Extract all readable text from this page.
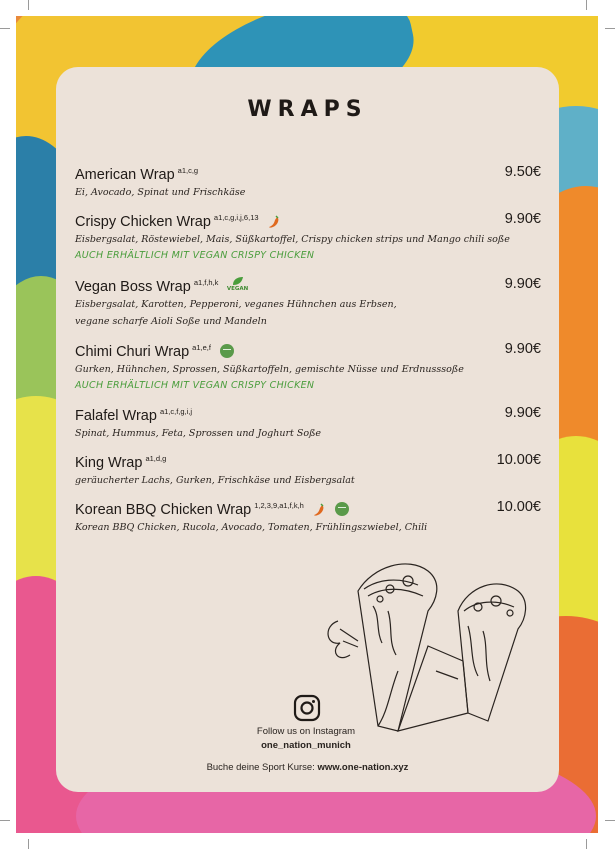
WRAPS
American Wrap $^{a1,c,g}$	9.50€
Ei, Avocado, Spinat und Frischkäse
Crispy Chicken Wrap $^{a1,c,g,i,j,6,13}$	9.90€
Eisbergsalat, Röstewiebel, Mais, Süßkartoffel, Crispy chicken strips und Mango chili soße
AUCH ERHÄLTLICH MIT VEGAN CRISPY CHICKEN
Vegan Boss Wrap $^{a1,f,h,k}$
VEGAN	9.90€
Eisbergsalat, Karotten, Pepperoni, veganes Hühnchen aus Erbsen,
vegane scharfe Aioli Soße und Mandeln
Chimi Churi Wrap $^{a1,e,f}$	9.90€
Gurken, Hühnchen, Sprossen, Süßkartoffeln, gemischte Nüsse und Erdnusssoße
AUCH ERHÄLTLICH MIT VEGAN CRISPY CHICKEN
Falafel Wrap $^{a1,c,f,g,i,j}$	9.90€
Spinat, Hummus, Feta, Sprossen und Joghurt Soße
King Wrap $^{a1,d,g}$	10.00€
geräucherter Lachs, Gurken, Frischkäse und Eisbergsalat
Korean BBQ Chicken Wrap $^{1,2,3,9,a1,f,k,h}$	10.00€
Korean BBQ Chicken, Rucola, Avocado, Tomaten, Frühlingszwiebel, Chili
Follow us on Instagram
one_nation_munich
Buche deine Sport Kurse: www.one-nation.xyz
